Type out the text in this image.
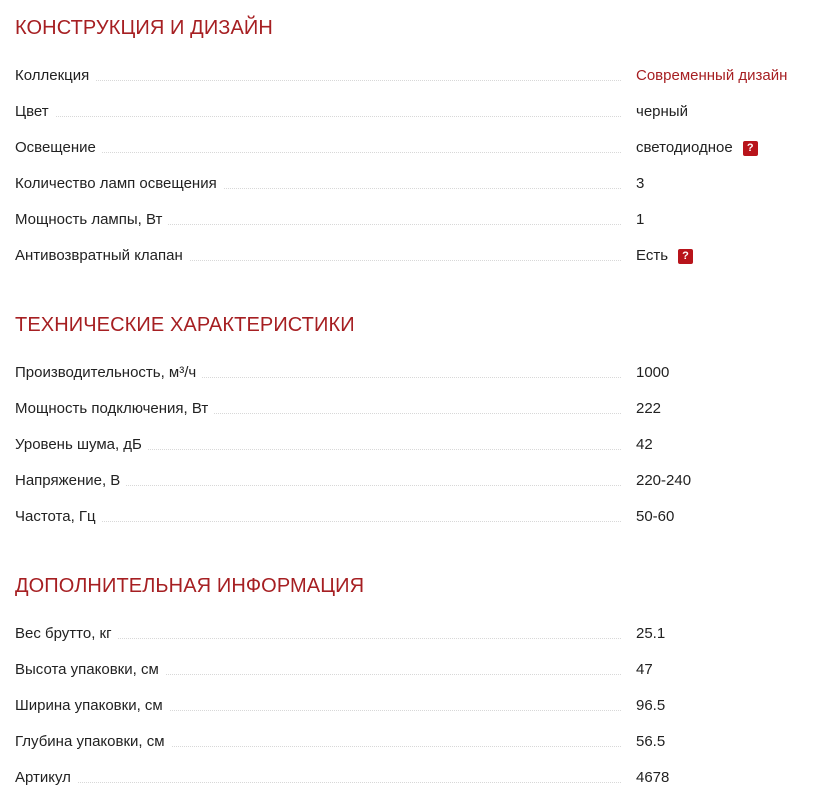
КОНСТРУКЦИЯ И ДИЗАЙН
Коллекция	Современный дизайн
Цвет	черный
Освещение	светодиодное	?
Количество ламп освещения	3
Мощность лампы, Вт	1
Антивозвратный клапан	Есть	?
ТЕХНИЧЕСКИЕ ХАРАКТЕРИСТИКИ
Производительность, м³/ч	1000
Мощность подключения, Вт	222
Уровень шума, дБ	42
Напряжение, В	220-240
Частота, Гц	50-60
ДОПОЛНИТЕЛЬНАЯ ИНФОРМАЦИЯ
Вес брутто, кг	25.1
Высота упаковки, см	47
Ширина упаковки, см	96.5
Глубина упаковки, см	56.5
Артикул	4678
